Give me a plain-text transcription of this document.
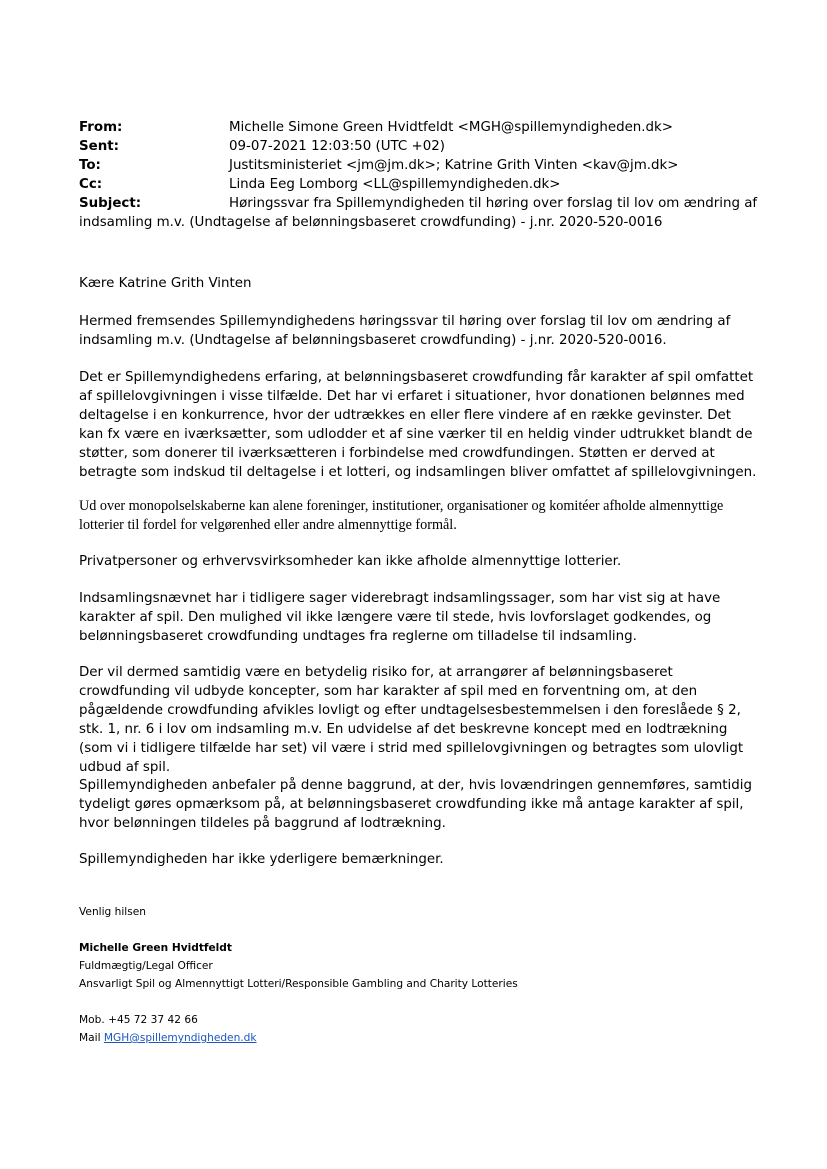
From:	Michelle Simone Green Hvidtfeldt <MGH@spillemyndigheden.dk>
Sent:	09-07-2021 12:03:50 (UTC +02)
To:	Justitsministeriet <jm@jm.dk>; Katrine Grith Vinten <kav@jm.dk>
Cc:	Linda Eeg Lomborg <LL@spillemyndigheden.dk>
Subject:	Høringssvar fra Spillemyndigheden til høring over forslag til lov om ændring af indsamling m.v. (Undtagelse af belønningsbaseret crowdfunding) - j.nr. 2020-520-0016

Kære Katrine Grith Vinten

Hermed fremsendes Spillemyndighedens høringssvar til høring over forslag til lov om ændring af indsamling m.v. (Undtagelse af belønningsbaseret crowdfunding) - j.nr. 2020-520-0016.

Det er Spillemyndighedens erfaring, at belønningsbaseret crowdfunding får karakter af spil omfattet af spillelovgivningen i visse tilfælde. Det har vi erfaret i situationer, hvor donationen belønnes med deltagelse i en konkurrence, hvor der udtrækkes en eller flere vindere af en række gevinster. Det kan fx være en iværksætter, som udlodder et af sine værker til en heldig vinder udtrukket blandt de støtter, som donerer til iværksætteren i forbindelse med crowdfundingen. Støtten er derved at betragte som indskud til deltagelse i et lotteri, og indsamlingen bliver omfattet af spillelovgivningen.

Ud over monopolselskaberne kan alene foreninger, institutioner, organisationer og komitéer afholde almennyttige lotterier til fordel for velgørenhed eller andre almennyttige formål.

Privatpersoner og erhvervsvirksomheder kan ikke afholde almennyttige lotterier.

Indsamlingsnævnet har i tidligere sager viderebragt indsamlingssager, som har vist sig at have karakter af spil. Den mulighed vil ikke længere være til stede, hvis lovforslaget godkendes, og belønningsbaseret crowdfunding undtages fra reglerne om tilladelse til indsamling.

Der vil dermed samtidig være en betydelig risiko for, at arrangører af belønningsbaseret crowdfunding vil udbyde koncepter, som har karakter af spil med en forventning om, at den pågældende crowdfunding afvikles lovligt og efter undtagelsesbestemmelsen i den foreslåede § 2, stk. 1, nr. 6 i lov om indsamling m.v. En udvidelse af det beskrevne koncept med en lodtrækning (som vi i tidligere tilfælde har set) vil være i strid med spillelovgivningen og betragtes som ulovligt udbud af spil.

Spillemyndigheden anbefaler på denne baggrund, at der, hvis lovændringen gennemføres, samtidig tydeligt gøres opmærksom på, at belønningsbaseret crowdfunding ikke må antage karakter af spil, hvor belønningen tildeles på baggrund af lodtrækning.

Spillemyndigheden har ikke yderligere bemærkninger.

Venlig hilsen

Michelle Green Hvidtfeldt

Fuldmægtig/Legal Officer

Ansvarligt Spil og Almennyttigt Lotteri/Responsible Gambling and Charity Lotteries

Mob. +45 72 37 42 66

Mail MGH@spillemyndigheden.dk
